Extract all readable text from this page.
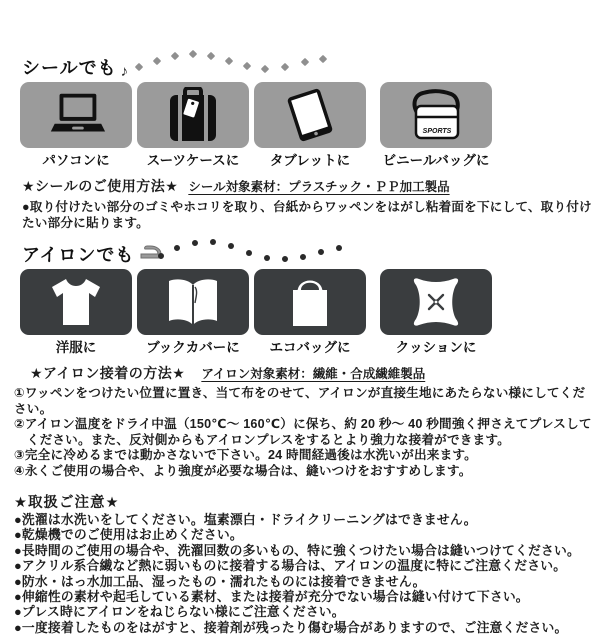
シールでも ♪
パソコンに	スーツケースに タブレットに
SPORTS
ビニールバッグに
★シールのご使用方法★ シール対象素材：プラスチック・ＰＰ加工製品
●取り付けたい部分のゴミやホコリを取り、台紙からワッペンをはがし粘着面を下にして、取り付けたい部分に貼ります。
アイロンでも
洋服に	ブックカバーに エコバッグに	クッションに
★アイロン接着の方法★ アイロン対象素材：繊維・合成繊維製品

①ワッペンをつけたい位置に置き、当て布をのせて、アイロンが直接生地にあたらない様にしてください。

②アイロン温度をドライ中温（150℃～ 160℃）に保ち、約 20 秒～ 40 秒間強く押さえてプレスして

　ください。また、反対側からもアイロンプレスをするとより強力な接着ができます。

③完全に冷めるまでは動かさないで下さい。24 時間経過後は水洗いが出来ます。

④永くご使用の場合や、より強度が必要な場合は、縫いつけをおすすめします。

★取扱ご注意★

●洗濯は水洗いをしてください。塩素漂白・ドライクリーニングはできません。

●乾燥機でのご使用はお止めください。

●長時間のご使用の場合や、洗濯回数の多いもの、特に強くつけたい場合は縫いつけてください。

●アクリル系合繊など熱に弱いものに接着する場合は、アイロンの温度に特にご注意ください。

●防水・はっ水加工品、湿ったもの・濡れたものには接着できません。

●伸縮性の素材や起毛している素材、または接着が充分でない場合は縫い付けて下さい。

●プレス時にアイロンをねじらない様にご注意ください。

●一度接着したものをはがすと、接着剤が残ったり傷む場合がありますので、ご注意ください。
